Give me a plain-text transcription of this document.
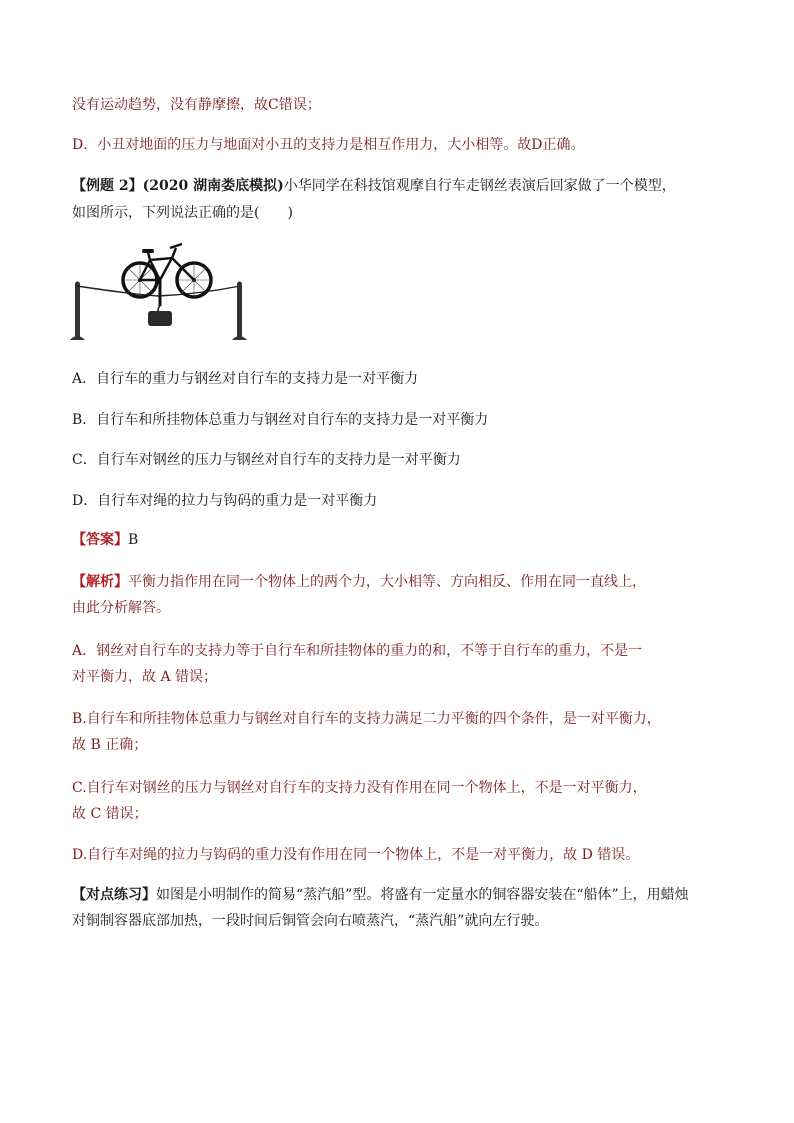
没有运动趋势，没有静摩擦，故C错误；

D．小丑对地面的压力与地面对小丑的支持力是相互作用力，大小相等。故D正确。

【例题 2】(2020 湖南娄底模拟)小华同学在科技馆观摩自行车走钢丝表演后回家做了一个模型，

如图所示，下列说法正确的是(　　)

A．自行车的重力与钢丝对自行车的支持力是一对平衡力

B．自行车和所挂物体总重力与钢丝对自行车的支持力是一对平衡力

C．自行车对钢丝的压力与钢丝对自行车的支持力是一对平衡力

D．自行车对绳的拉力与钩码的重力是一对平衡力

【答案】B

【解析】平衡力指作用在同一个物体上的两个力，大小相等、方向相反、作用在同一直线上，

由此分析解答。

A．钢丝对自行车的支持力等于自行车和所挂物体的重力的和，不等于自行车的重力，不是一

对平衡力，故 A 错误；

B.自行车和所挂物体总重力与钢丝对自行车的支持力满足二力平衡的四个条件，是一对平衡力，

故 B 正确；

C.自行车对钢丝的压力与钢丝对自行车的支持力没有作用在同一个物体上，不是一对平衡力，

故 C 错误；

D.自行车对绳的拉力与钩码的重力没有作用在同一个物体上，不是一对平衡力，故 D 错误。

【对点练习】如图是小明制作的简易“蒸汽船”型。将盛有一定量水的铜容器安装在“船体”上，用蜡烛

对铜制容器底部加热，一段时间后铜管会向右喷蒸汽，“蒸汽船”就向左行驶。
